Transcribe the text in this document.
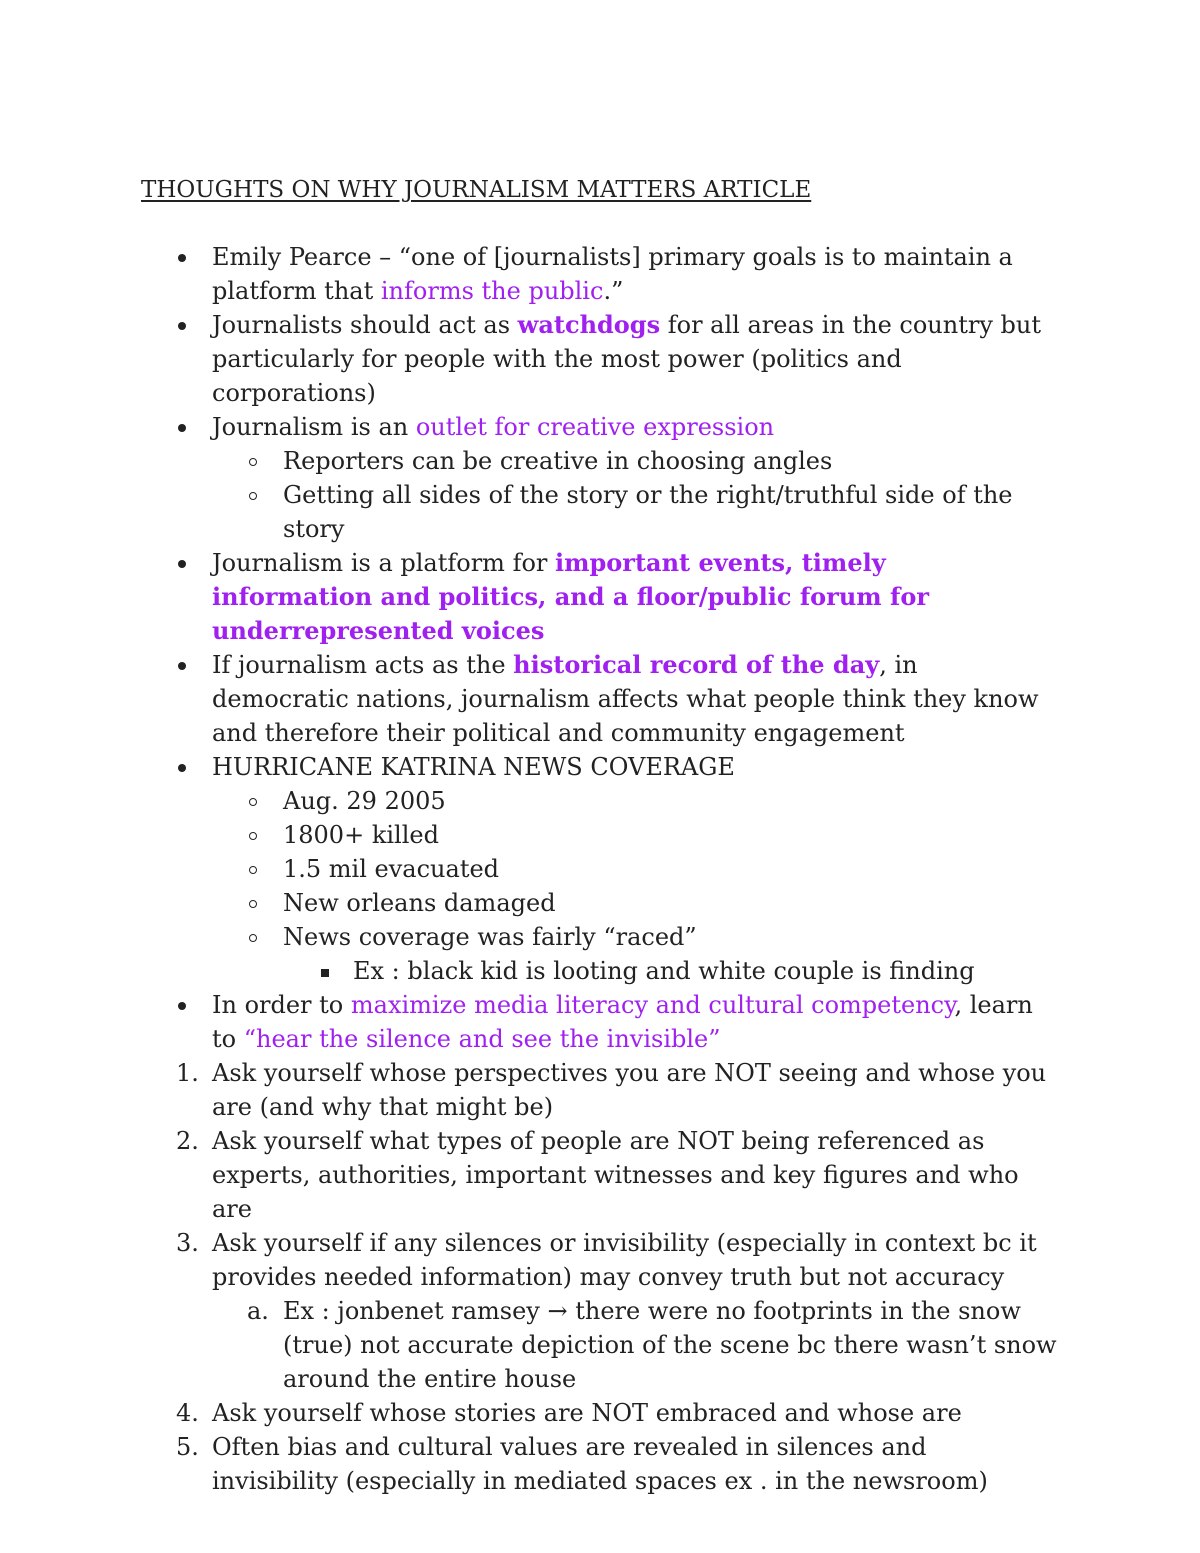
THOUGHTS ON WHY JOURNALISM MATTERS ARTICLE
Emily Pearce – “one of [journalists] primary goals is to maintain a platform that informs the public.”
Journalists should act as watchdogs for all areas in the country but particularly for people with the most power (politics and corporations)
Journalism is an outlet for creative expression
Reporters can be creative in choosing angles
Getting all sides of the story or the right/truthful side of the story
Journalism is a platform for important events, timely information and politics, and a floor/public forum for underrepresented voices
If journalism acts as the historical record of the day, in democratic nations, journalism affects what people think they know and therefore their political and community engagement
HURRICANE KATRINA NEWS COVERAGE
Aug. 29 2005
1800+ killed
1.5 mil evacuated
New orleans damaged
News coverage was fairly “raced”
Ex : black kid is looting and white couple is finding
In order to maximize media literacy and cultural competency, learn to “hear the silence and see the invisible”
1. Ask yourself whose perspectives you are NOT seeing and whose you are (and why that might be)
2. Ask yourself what types of people are NOT being referenced as experts, authorities, important witnesses and key figures and who are
3. Ask yourself if any silences or invisibility (especially in context bc it provides needed information) may convey truth but not accuracy
a. Ex : jonbenet ramsey → there were no footprints in the snow (true) not accurate depiction of the scene bc there wasn’t snow around the entire house
4. Ask yourself whose stories are NOT embraced and whose are
5. Often bias and cultural values are revealed in silences and invisibility (especially in mediated spaces ex . in the newsroom)
